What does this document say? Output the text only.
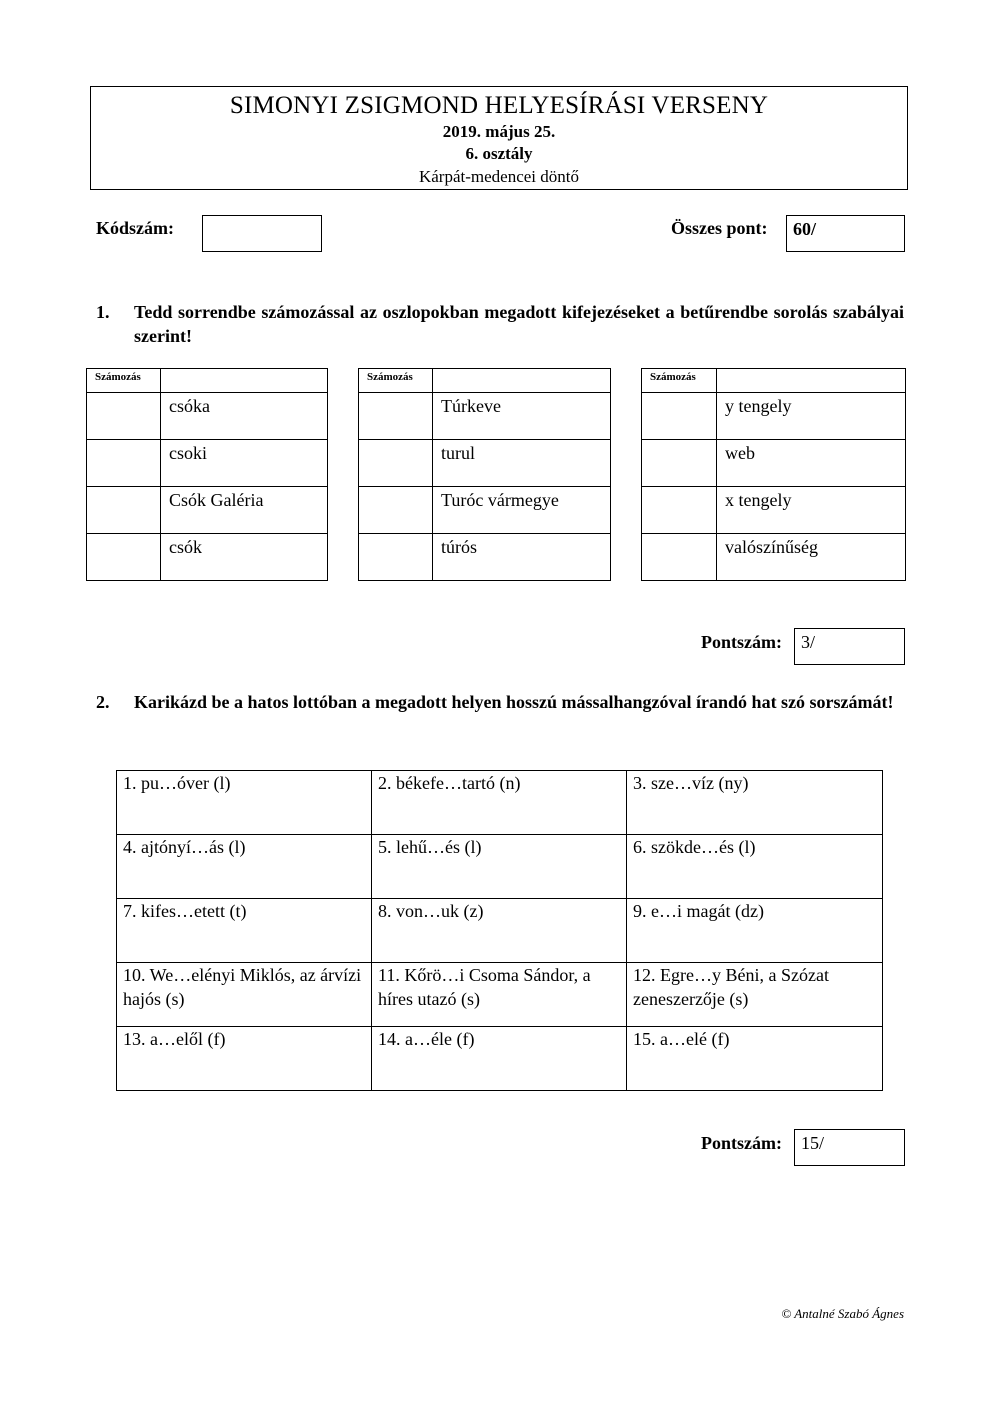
SIMONYI ZSIGMOND HELYESÍRÁSI VERSENY
2019. május 25.
6. osztály
Kárpát-medencei döntő
Kódszám:	Összes pont:	60/
1. Tedd sorrendbe számozással az oszlopokban megadott kifejezéseket a betűrendbe sorolás szabályai szerint!
Számozás	
	csóka
	csoki
	Csók Galéria
	csók
Számozás	
	Túrkeve
	turul
	Turóc vármegye
	túrós
Számozás	
	y tengely
	web
	x tengely
	valószínűség
Pontszám:	3/
2. Karikázd be a hatos lottóban a megadott helyen hosszú mássalhangzóval írandó hat szó sorszámát!
1. pu…óver (l)	2. békefe…tartó (n)	3. sze…víz (ny)
4. ajtónyí…ás (l)	5. lehű…és (l)	6. szökde…és (l)
7. kifes…etett (t)	8. von…uk (z)	9. e…i magát (dz)
10. We…elényi Miklós, az árvízi hajós (s)	11. Kőrö…i Csoma Sándor, a híres utazó (s)	12. Egre…y Béni, a Szózat zeneszerzője (s)
13. a…elől (f)	14. a…éle (f)	15. a…elé (f)
Pontszám:	15/
© Antalné Szabó Ágnes
